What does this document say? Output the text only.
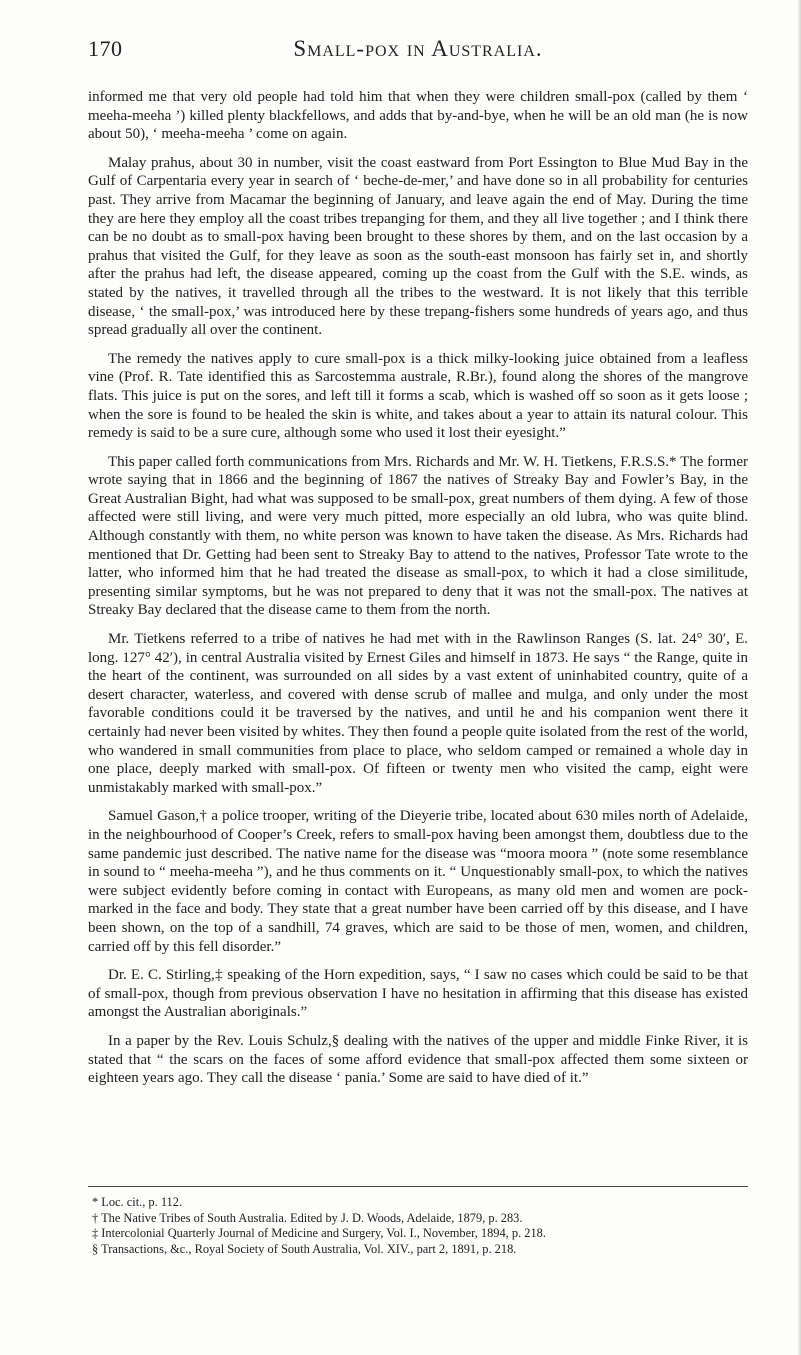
170	Small-pox in Australia.

informed me that very old people had told him that when they were children small-pox (called by them ‘ meeha-meeha ’) killed plenty blackfellows, and adds that by-and-bye, when he will be an old man (he is now about 50), ‘ meeha-meeha ’ come on again.

Malay prahus, about 30 in number, visit the coast eastward from Port Essington to Blue Mud Bay in the Gulf of Carpentaria every year in search of ‘ beche-de-mer,’ and have done so in all probability for centuries past. They arrive from Macamar the beginning of January, and leave again the end of May. During the time they are here they employ all the coast tribes trepanging for them, and they all live together ; and I think there can be no doubt as to small-pox having been brought to these shores by them, and on the last occasion by a prahus that visited the Gulf, for they leave as soon as the south-east monsoon has fairly set in, and shortly after the prahus had left, the disease appeared, coming up the coast from the Gulf with the S.E. winds, as stated by the natives, it travelled through all the tribes to the westward. It is not likely that this terrible disease, ‘ the small-pox,’ was introduced here by these trepang-fishers some hundreds of years ago, and thus spread gradually all over the continent.

The remedy the natives apply to cure small-pox is a thick milky-looking juice obtained from a leafless vine (Prof. R. Tate identified this as Sarcostemma australe, R.Br.), found along the shores of the mangrove flats. This juice is put on the sores, and left till it forms a scab, which is washed off so soon as it gets loose ; when the sore is found to be healed the skin is white, and takes about a year to attain its natural colour. This remedy is said to be a sure cure, although some who used it lost their eyesight.”

This paper called forth communications from Mrs. Richards and Mr. W. H. Tietkens, F.R.S.S.* The former wrote saying that in 1866 and the beginning of 1867 the natives of Streaky Bay and Fowler’s Bay, in the Great Australian Bight, had what was supposed to be small-pox, great numbers of them dying. A few of those affected were still living, and were very much pitted, more especially an old lubra, who was quite blind. Although constantly with them, no white person was known to have taken the disease. As Mrs. Richards had mentioned that Dr. Getting had been sent to Streaky Bay to attend to the natives, Professor Tate wrote to the latter, who informed him that he had treated the disease as small-pox, to which it had a close similitude, presenting similar symptoms, but he was not prepared to deny that it was not the small-pox. The natives at Streaky Bay declared that the disease came to them from the north.

Mr. Tietkens referred to a tribe of natives he had met with in the Rawlinson Ranges (S. lat. 24° 30′, E. long. 127° 42′), in central Australia visited by Ernest Giles and himself in 1873. He says “ the Range, quite in the heart of the continent, was surrounded on all sides by a vast extent of uninhabited country, quite of a desert character, waterless, and covered with dense scrub of mallee and mulga, and only under the most favorable conditions could it be traversed by the natives, and until he and his companion went there it certainly had never been visited by whites. They then found a people quite isolated from the rest of the world, who wandered in small communities from place to place, who seldom camped or remained a whole day in one place, deeply marked with small-pox. Of fifteen or twenty men who visited the camp, eight were unmistakably marked with small-pox.”

Samuel Gason,† a police trooper, writing of the Dieyerie tribe, located about 630 miles north of Adelaide, in the neighbourhood of Cooper’s Creek, refers to small-pox having been amongst them, doubtless due to the same pandemic just described. The native name for the disease was “moora moora ” (note some resemblance in sound to “ meeha-meeha ”), and he thus comments on it. “ Unquestionably small-pox, to which the natives were subject evidently before coming in contact with Europeans, as many old men and women are pock-marked in the face and body. They state that a great number have been carried off by this disease, and I have been shown, on the top of a sandhill, 74 graves, which are said to be those of men, women, and children, carried off by this fell disorder.”

Dr. E. C. Stirling,‡ speaking of the Horn expedition, says, “ I saw no cases which could be said to be that of small-pox, though from previous observation I have no hesitation in affirming that this disease has existed amongst the Australian aboriginals.”

In a paper by the Rev. Louis Schulz,§ dealing with the natives of the upper and middle Finke River, it is stated that “ the scars on the faces of some afford evidence that small-pox affected them some sixteen or eighteen years ago. They call the disease ‘ pania.’ Some are said to have died of it.”

* Loc. cit., p. 112.

† The Native Tribes of South Australia. Edited by J. D. Woods, Adelaide, 1879, p. 283.

‡ Intercolonial Quarterly Journal of Medicine and Surgery, Vol. I., November, 1894, p. 218.

§ Transactions, &c., Royal Society of South Australia, Vol. XIV., part 2, 1891, p. 218.
